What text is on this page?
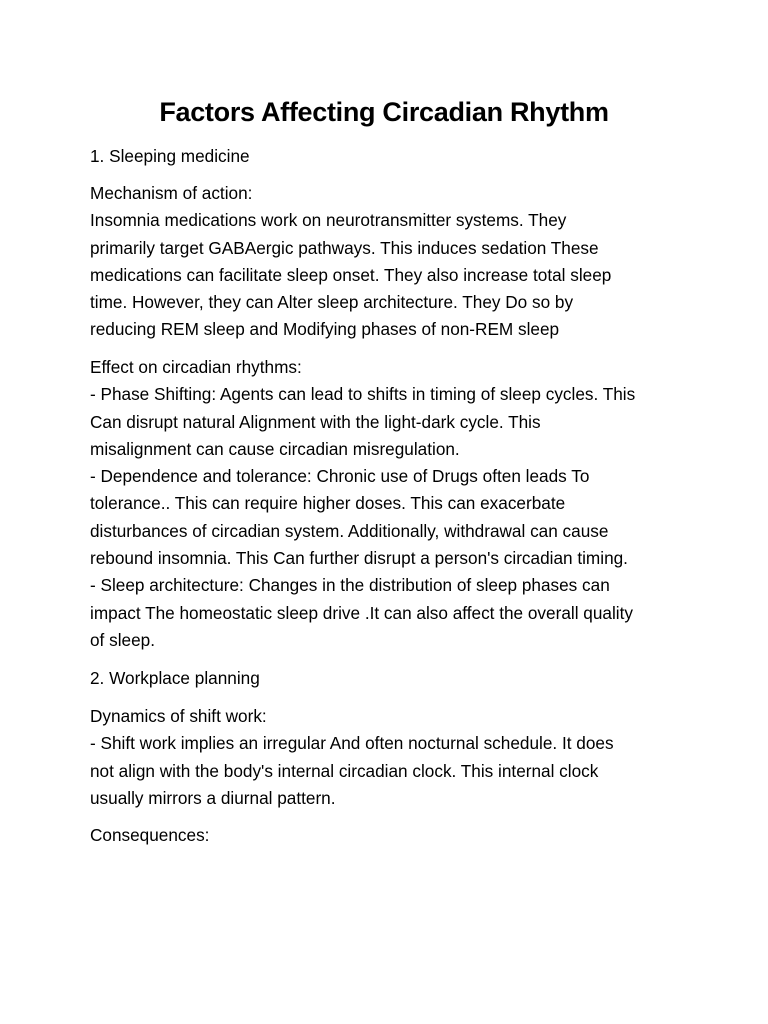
Factors Affecting Circadian Rhythm

1. Sleeping medicine

Mechanism of action:
Insomnia medications work on neurotransmitter systems. They
primarily target GABAergic pathways. This induces sedation These
medications can facilitate sleep onset. They also increase total sleep
time. However, they can Alter sleep architecture. They Do so by
reducing REM sleep and Modifying phases of non-REM sleep

Effect on circadian rhythms:
- Phase Shifting: Agents can lead to shifts in timing of sleep cycles. This
Can disrupt natural Alignment with the light-dark cycle. This
misalignment can cause circadian misregulation.
- Dependence and tolerance: Chronic use of Drugs often leads To
tolerance.. This can require higher doses. This can exacerbate
disturbances of circadian system. Additionally, withdrawal can cause
rebound insomnia. This Can further disrupt a person's circadian timing.
- Sleep architecture: Changes in the distribution of sleep phases can
impact The homeostatic sleep drive .It can also affect the overall quality
of sleep.

2. Workplace planning

Dynamics of shift work:
- Shift work implies an irregular And often nocturnal schedule. It does
not align with the body's internal circadian clock. This internal clock
usually mirrors a diurnal pattern.

Consequences:
